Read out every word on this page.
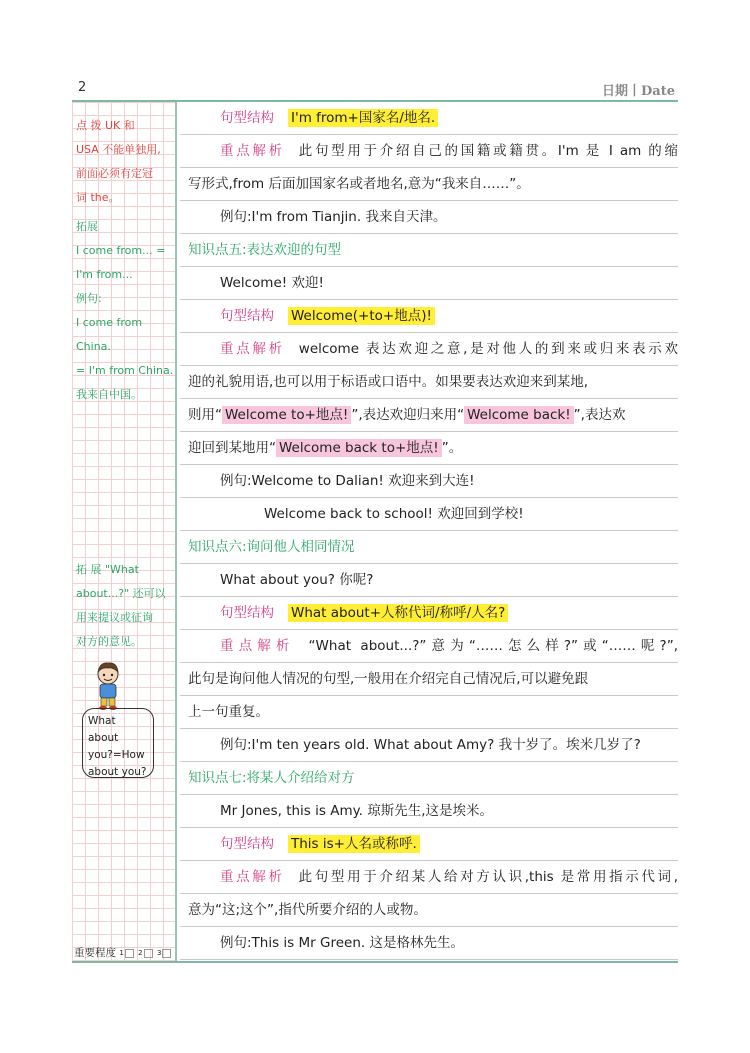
2	日期丨Date
点 拨 UK 和
USA 不能单独用,
前面必须有定冠
词 the。
拓展
I come from... =
I'm from...
例句:
I come from China.
= I'm from China.
我来自中国。
拓 展 "What
about...?" 还可以
用来提议或征询
对方的意见。
What about
you?=How
about you?
重要程度 1 2 3
句型结构 I'm from+国家名/地名.
重点解析 此句型用于介绍自己的国籍或籍贯。I'm 是 I am 的缩
写形式,from 后面加国家名或者地名,意为“我来自……”。
例句:I'm from Tianjin. 我来自天津。
知识点五:表达欢迎的句型
Welcome! 欢迎!
句型结构 Welcome(+to+地点)!
重点解析 welcome 表达欢迎之意,是对他人的到来或归来表示欢
迎的礼貌用语,也可以用于标语或口语中。如果要表达欢迎来到某地,
则用“ Welcome to+地点! ”,表达欢迎归来用“ Welcome back! ”,表达欢
迎回到某地用“ Welcome back to+地点! ”。
例句:Welcome to Dalian! 欢迎来到大连!
Welcome back to school! 欢迎回到学校!
知识点六:询问他人相同情况
What about you? 你呢?
句型结构 What about+人称代词/称呼/人名?
重点解析 “What about...?”意为“……怎么样?”或“……呢?”,
此句是询问他人情况的句型,一般用在介绍完自己情况后,可以避免跟
上一句重复。
例句:I'm ten years old. What about Amy? 我十岁了。埃米几岁了?
知识点七:将某人介绍给对方
Mr Jones, this is Amy. 琼斯先生,这是埃米。
句型结构 This is+人名或称呼.
重点解析 此句型用于介绍某人给对方认识,this 是常用指示代词,
意为“这;这个”,指代所要介绍的人或物。
例句:This is Mr Green. 这是格林先生。
